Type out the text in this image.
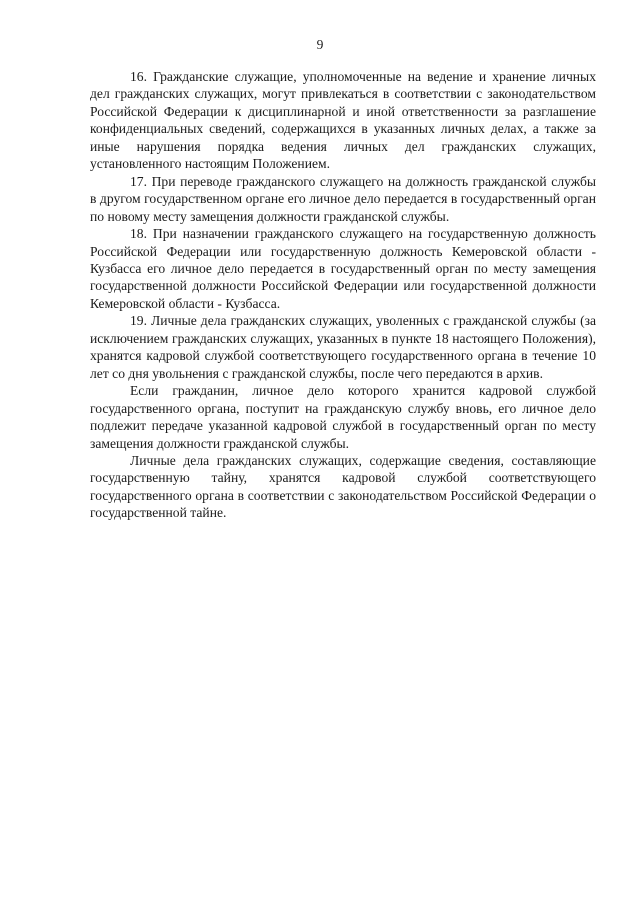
9

16. Гражданские служащие, уполномоченные на ведение и хранение личных дел гражданских служащих, могут привлекаться в соответствии с законодательством Российской Федерации к дисциплинарной и иной ответственности за разглашение конфиденциальных сведений, содержащихся в указанных личных делах, а также за иные нарушения порядка ведения личных дел гражданских служащих, установленного настоящим Положением.

17. При переводе гражданского служащего на должность гражданской службы в другом государственном органе его личное дело передается в государственный орган по новому месту замещения должности гражданской службы.

18. При назначении гражданского служащего на государственную должность Российской Федерации или государственную должность Кемеровской области - Кузбасса его личное дело передается в государственный орган по месту замещения государственной должности Российской Федерации или государственной должности Кемеровской области - Кузбасса.

19. Личные дела гражданских служащих, уволенных с гражданской службы (за исключением гражданских служащих, указанных в пункте 18 настоящего Положения), хранятся кадровой службой соответствующего государственного органа в течение 10 лет со дня увольнения с гражданской службы, после чего передаются в архив.

Если гражданин, личное дело которого хранится кадровой службой государственного органа, поступит на гражданскую службу вновь, его личное дело подлежит передаче указанной кадровой службой в государственный орган по месту замещения должности гражданской службы.

Личные дела гражданских служащих, содержащие сведения, составляющие государственную тайну, хранятся кадровой службой соответствующего государственного органа в соответствии с законодательством Российской Федерации о государственной тайне.
